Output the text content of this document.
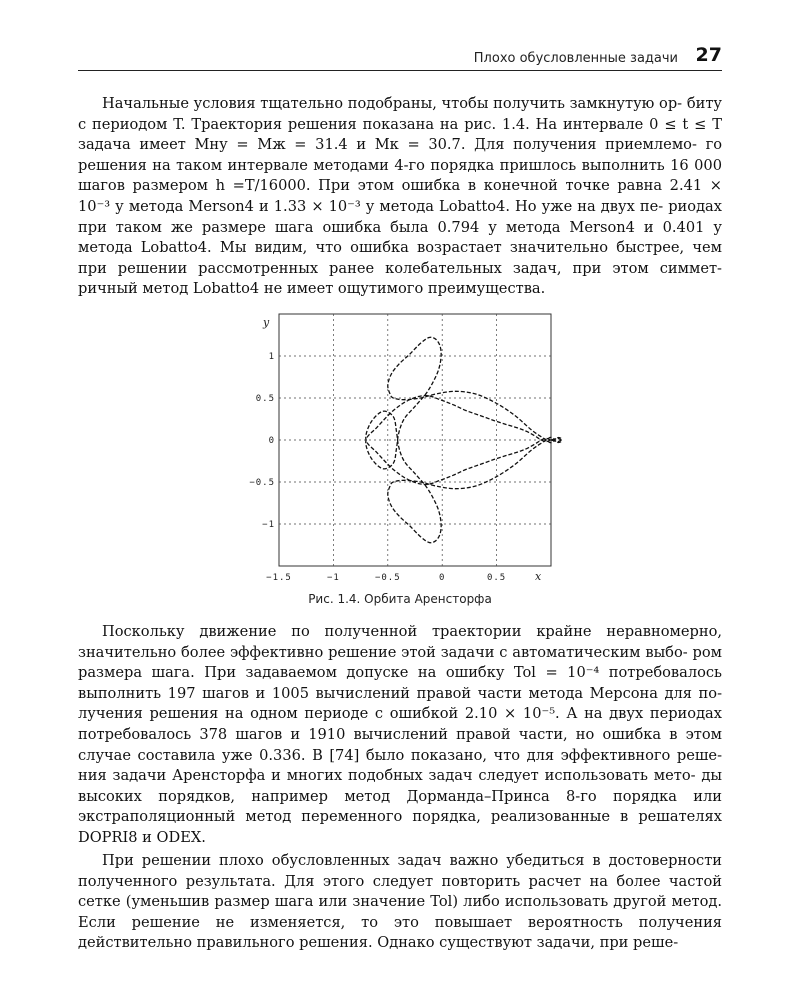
Плохо обусловленные задачи 27
Начальные условия тщательно подобраны, чтобы получить замкнутую ор- биту с периодом T. Траектория решения показана на рис. 1.4. На интервале 0 ≤ t ≤ T задача имеет Mну = Mж = 31.4 и Mк = 30.7. Для получения приемлемо- го решения на таком интервале методами 4-го порядка пришлось выполнить 16 000 шагов размером h =T/16000. При этом ошибка в конечной точке равна 2.41 × 10⁻³ у метода Merson4 и 1.33 × 10⁻³ у метода Lobatto4. Но уже на двух пе- риодах при таком же размере шага ошибка была 0.794 у метода Merson4 и 0.401 у метода Lobatto4. Мы видим, что ошибка возрастает значительно быстрее, чем при решении рассмотренных ранее колебательных задач, при этом симмет- ричный метод Lobatto4 не имеет ощутимого преимущества.
−1.5	−1	−0.5	0	0.5
1
0.5
0
−0.5
−1
y
x
Рис. 1.4. Орбита Аренсторфа
Поскольку движение по полученной траектории крайне неравномерно, значительно более эффективно решение этой задачи с автоматическим выбо- ром размера шага. При задаваемом допуске на ошибку Tol = 10⁻⁴ потребовалось выполнить 197 шагов и 1005 вычислений правой части метода Мерсона для по- лучения решения на одном периоде с ошибкой 2.10 × 10⁻⁵. А на двух периодах потребовалось 378 шагов и 1910 вычислений правой части, но ошибка в этом случае составила уже 0.336. В [74] было показано, что для эффективного реше- ния задачи Аренсторфа и многих подобных задач следует использовать мето- ды высоких порядков, например метод Дорманда–Принса 8-го порядка или экстраполяционный метод переменного порядка, реализованные в решателях DOPRI8 и ODEX.
При решении плохо обусловленных задач важно убедиться в достоверности полученного результата. Для этого следует повторить расчет на более частой сетке (уменьшив размер шага или значение Tol) либо использовать другой метод. Если решение не изменяется, то это повышает вероятность получения действительно правильного решения. Однако существуют задачи, при реше-
